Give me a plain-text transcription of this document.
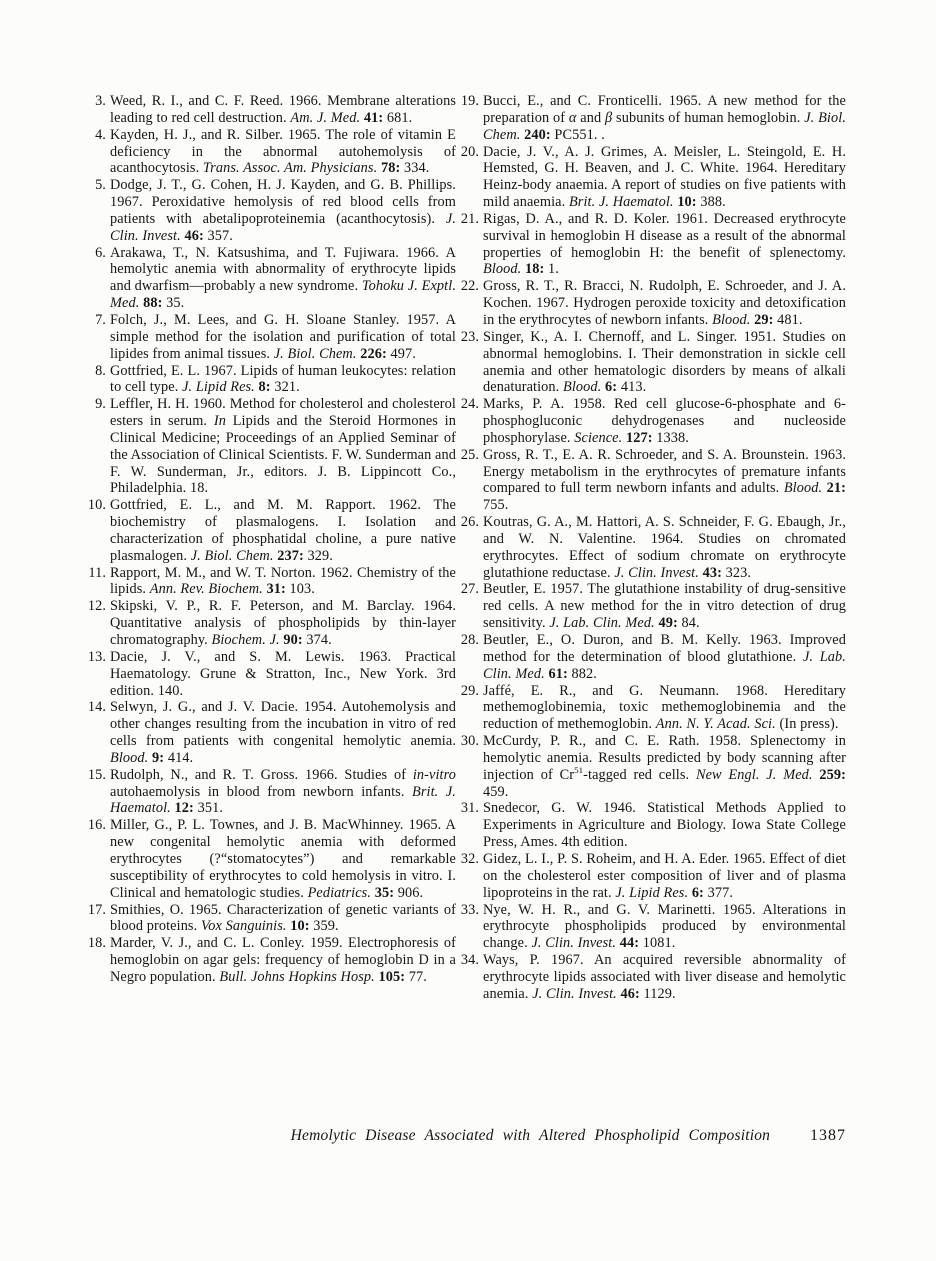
3. Weed, R. I., and C. F. Reed. 1966. Membrane alterations leading to red cell destruction. Am. J. Med. 41: 681.
4. Kayden, H. J., and R. Silber. 1965. The role of vitamin E deficiency in the abnormal autohemolysis of acanthocytosis. Trans. Assoc. Am. Physicians. 78: 334.
5. Dodge, J. T., G. Cohen, H. J. Kayden, and G. B. Phillips. 1967. Peroxidative hemolysis of red blood cells from patients with abetalipoproteinemia (acanthocytosis). J. Clin. Invest. 46: 357.
6. Arakawa, T., N. Katsushima, and T. Fujiwara. 1966. A hemolytic anemia with abnormality of erythrocyte lipids and dwarfism—probably a new syndrome. Tohoku J. Exptl. Med. 88: 35.
7. Folch, J., M. Lees, and G. H. Sloane Stanley. 1957. A simple method for the isolation and purification of total lipides from animal tissues. J. Biol. Chem. 226: 497.
8. Gottfried, E. L. 1967. Lipids of human leukocytes: relation to cell type. J. Lipid Res. 8: 321.
9. Leffler, H. H. 1960. Method for cholesterol and cholesterol esters in serum. In Lipids and the Steroid Hormones in Clinical Medicine; Proceedings of an Applied Seminar of the Association of Clinical Scientists. F. W. Sunderman and F. W. Sunderman, Jr., editors. J. B. Lippincott Co., Philadelphia. 18.
10. Gottfried, E. L., and M. M. Rapport. 1962. The biochemistry of plasmalogens. I. Isolation and characterization of phosphatidal choline, a pure native plasmalogen. J. Biol. Chem. 237: 329.
11. Rapport, M. M., and W. T. Norton. 1962. Chemistry of the lipids. Ann. Rev. Biochem. 31: 103.
12. Skipski, V. P., R. F. Peterson, and M. Barclay. 1964. Quantitative analysis of phospholipids by thin-layer chromatography. Biochem. J. 90: 374.
13. Dacie, J. V., and S. M. Lewis. 1963. Practical Haematology. Grune & Stratton, Inc., New York. 3rd edition. 140.
14. Selwyn, J. G., and J. V. Dacie. 1954. Autohemolysis and other changes resulting from the incubation in vitro of red cells from patients with congenital hemolytic anemia. Blood. 9: 414.
15. Rudolph, N., and R. T. Gross. 1966. Studies of in-vitro autohaemolysis in blood from newborn infants. Brit. J. Haematol. 12: 351.
16. Miller, G., P. L. Townes, and J. B. MacWhinney. 1965. A new congenital hemolytic anemia with deformed erythrocytes (?“stomatocytes”) and remarkable susceptibility of erythrocytes to cold hemolysis in vitro. I. Clinical and hematologic studies. Pediatrics. 35: 906.
17. Smithies, O. 1965. Characterization of genetic variants of blood proteins. Vox Sanguinis. 10: 359.
18. Marder, V. J., and C. L. Conley. 1959. Electrophoresis of hemoglobin on agar gels: frequency of hemoglobin D in a Negro population. Bull. Johns Hopkins Hosp. 105: 77.
19. Bucci, E., and C. Fronticelli. 1965. A new method for the preparation of α and β subunits of human hemoglobin. J. Biol. Chem. 240: PC551. .
20. Dacie, J. V., A. J. Grimes, A. Meisler, L. Steingold, E. H. Hemsted, G. H. Beaven, and J. C. White. 1964. Hereditary Heinz-body anaemia. A report of studies on five patients with mild anaemia. Brit. J. Haematol. 10: 388.
21. Rigas, D. A., and R. D. Koler. 1961. Decreased erythrocyte survival in hemoglobin H disease as a result of the abnormal properties of hemoglobin H: the benefit of splenectomy. Blood. 18: 1.
22. Gross, R. T., R. Bracci, N. Rudolph, E. Schroeder, and J. A. Kochen. 1967. Hydrogen peroxide toxicity and detoxification in the erythrocytes of newborn infants. Blood. 29: 481.
23. Singer, K., A. I. Chernoff, and L. Singer. 1951. Studies on abnormal hemoglobins. I. Their demonstration in sickle cell anemia and other hematologic disorders by means of alkali denaturation. Blood. 6: 413.
24. Marks, P. A. 1958. Red cell glucose-6-phosphate and 6-phosphogluconic dehydrogenases and nucleoside phosphorylase. Science. 127: 1338.
25. Gross, R. T., E. A. R. Schroeder, and S. A. Brounstein. 1963. Energy metabolism in the erythrocytes of premature infants compared to full term newborn infants and adults. Blood. 21: 755.
26. Koutras, G. A., M. Hattori, A. S. Schneider, F. G. Ebaugh, Jr., and W. N. Valentine. 1964. Studies on chromated erythrocytes. Effect of sodium chromate on erythrocyte glutathione reductase. J. Clin. Invest. 43: 323.
27. Beutler, E. 1957. The glutathione instability of drug-sensitive red cells. A new method for the in vitro detection of drug sensitivity. J. Lab. Clin. Med. 49: 84.
28. Beutler, E., O. Duron, and B. M. Kelly. 1963. Improved method for the determination of blood glutathione. J. Lab. Clin. Med. 61: 882.
29. Jaffé, E. R., and G. Neumann. 1968. Hereditary methemoglobinemia, toxic methemoglobinemia and the reduction of methemoglobin. Ann. N. Y. Acad. Sci. (In press).
30. McCurdy, P. R., and C. E. Rath. 1958. Splenectomy in hemolytic anemia. Results predicted by body scanning after injection of Cr$^{51}$-tagged red cells. New Engl. J. Med. 259: 459.
31. Snedecor, G. W. 1946. Statistical Methods Applied to Experiments in Agriculture and Biology. Iowa State College Press, Ames. 4th edition.
32. Gidez, L. I., P. S. Roheim, and H. A. Eder. 1965. Effect of diet on the cholesterol ester composition of liver and of plasma lipoproteins in the rat. J. Lipid Res. 6: 377.
33. Nye, W. H. R., and G. V. Marinetti. 1965. Alterations in erythrocyte phospholipids produced by environmental change. J. Clin. Invest. 44: 1081.
34. Ways, P. 1967. An acquired reversible abnormality of erythrocyte lipids associated with liver disease and hemolytic anemia. J. Clin. Invest. 46: 1129.
Hemolytic Disease Associated with Altered Phospholipid Composition 1387
